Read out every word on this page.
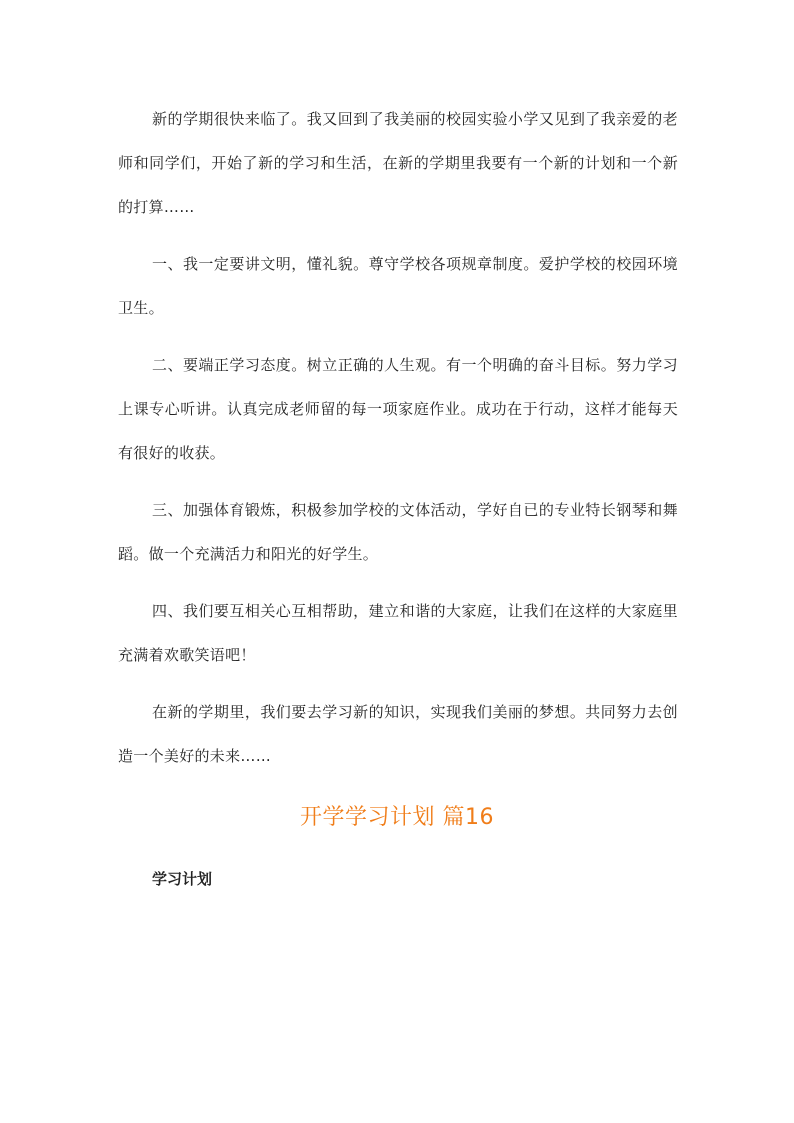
新的学期很快来临了。我又回到了我美丽的校园实验小学又见到了我亲爱的老师和同学们，开始了新的学习和生活，在新的学期里我要有一个新的计划和一个新的打算……

一、我一定要讲文明，懂礼貌。尊守学校各项规章制度。爱护学校的校园环境卫生。

二、要端正学习态度。树立正确的人生观。有一个明确的奋斗目标。努力学习上课专心听讲。认真完成老师留的每一项家庭作业。成功在于行动，这样才能每天有很好的收获。

三、加强体育锻炼，积极参加学校的文体活动，学好自已的专业特长钢琴和舞蹈。做一个充满活力和阳光的好学生。

四、我们要互相关心互相帮助，建立和谐的大家庭，让我们在这样的大家庭里充满着欢歌笑语吧！

在新的学期里，我们要去学习新的知识，实现我们美丽的梦想。共同努力去创造一个美好的未来……

开学学习计划 篇16
学习计划
